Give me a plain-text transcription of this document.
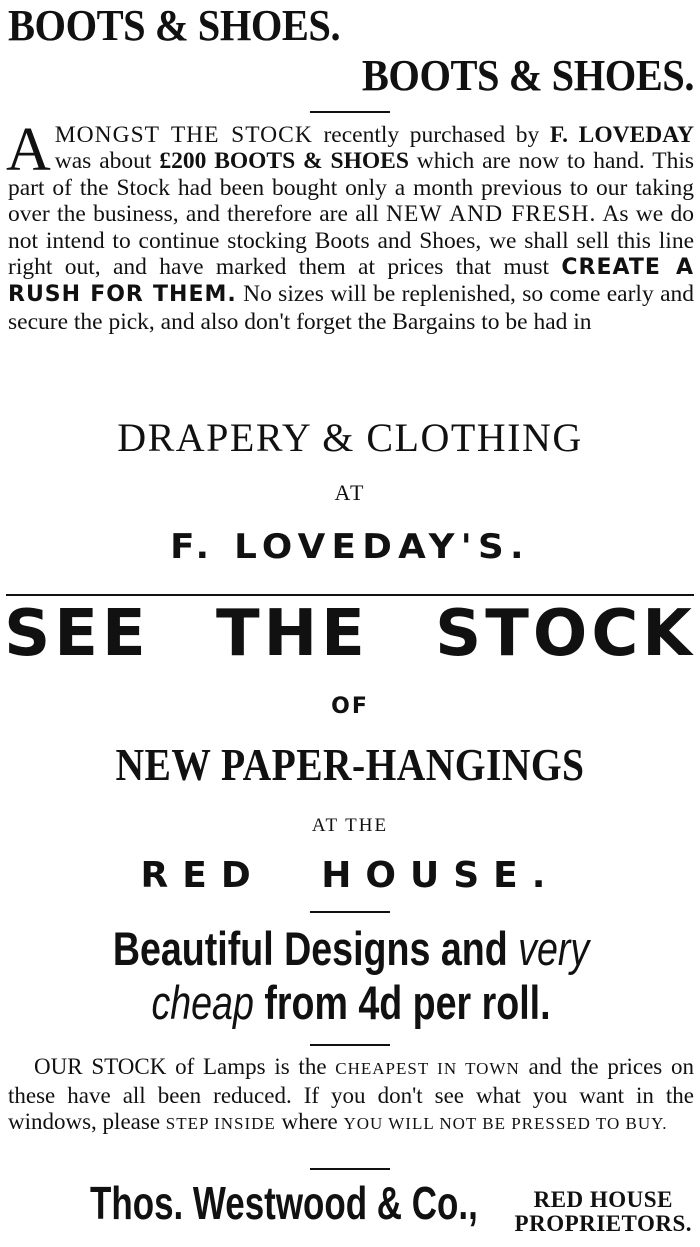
BOOTS & SHOES.
BOOTS & SHOES.
AMONGST THE STOCK recently purchased by F. LOVEDAY was about £200 BOOTS & SHOES which are now to hand. This part of the Stock had been bought only a month previous to our taking over the business, and therefore are all NEW AND FRESH. As we do not intend to continue stocking Boots and Shoes, we shall sell this line right out, and have marked them at prices that must CREATE A RUSH FOR THEM. No sizes will be replenished, so come early and secure the pick, and also don't forget the Bargains to be had in
DRAPERY & CLOTHING
AT
F. LOVEDAY'S.
SEE THE STOCK
OF
NEW PAPER-HANGINGS
AT THE
RED HOUSE.
Beautiful Designs and very cheap from 4d per roll.
OUR STOCK of Lamps is the CHEAPEST IN TOWN and the prices on these have all been reduced. If you don't see what you want in the windows, please STEP INSIDE where YOU WILL NOT BE PRESSED TO BUY.
Thos. Westwood & Co.,	RED HOUSE
PROPRIETORS.
